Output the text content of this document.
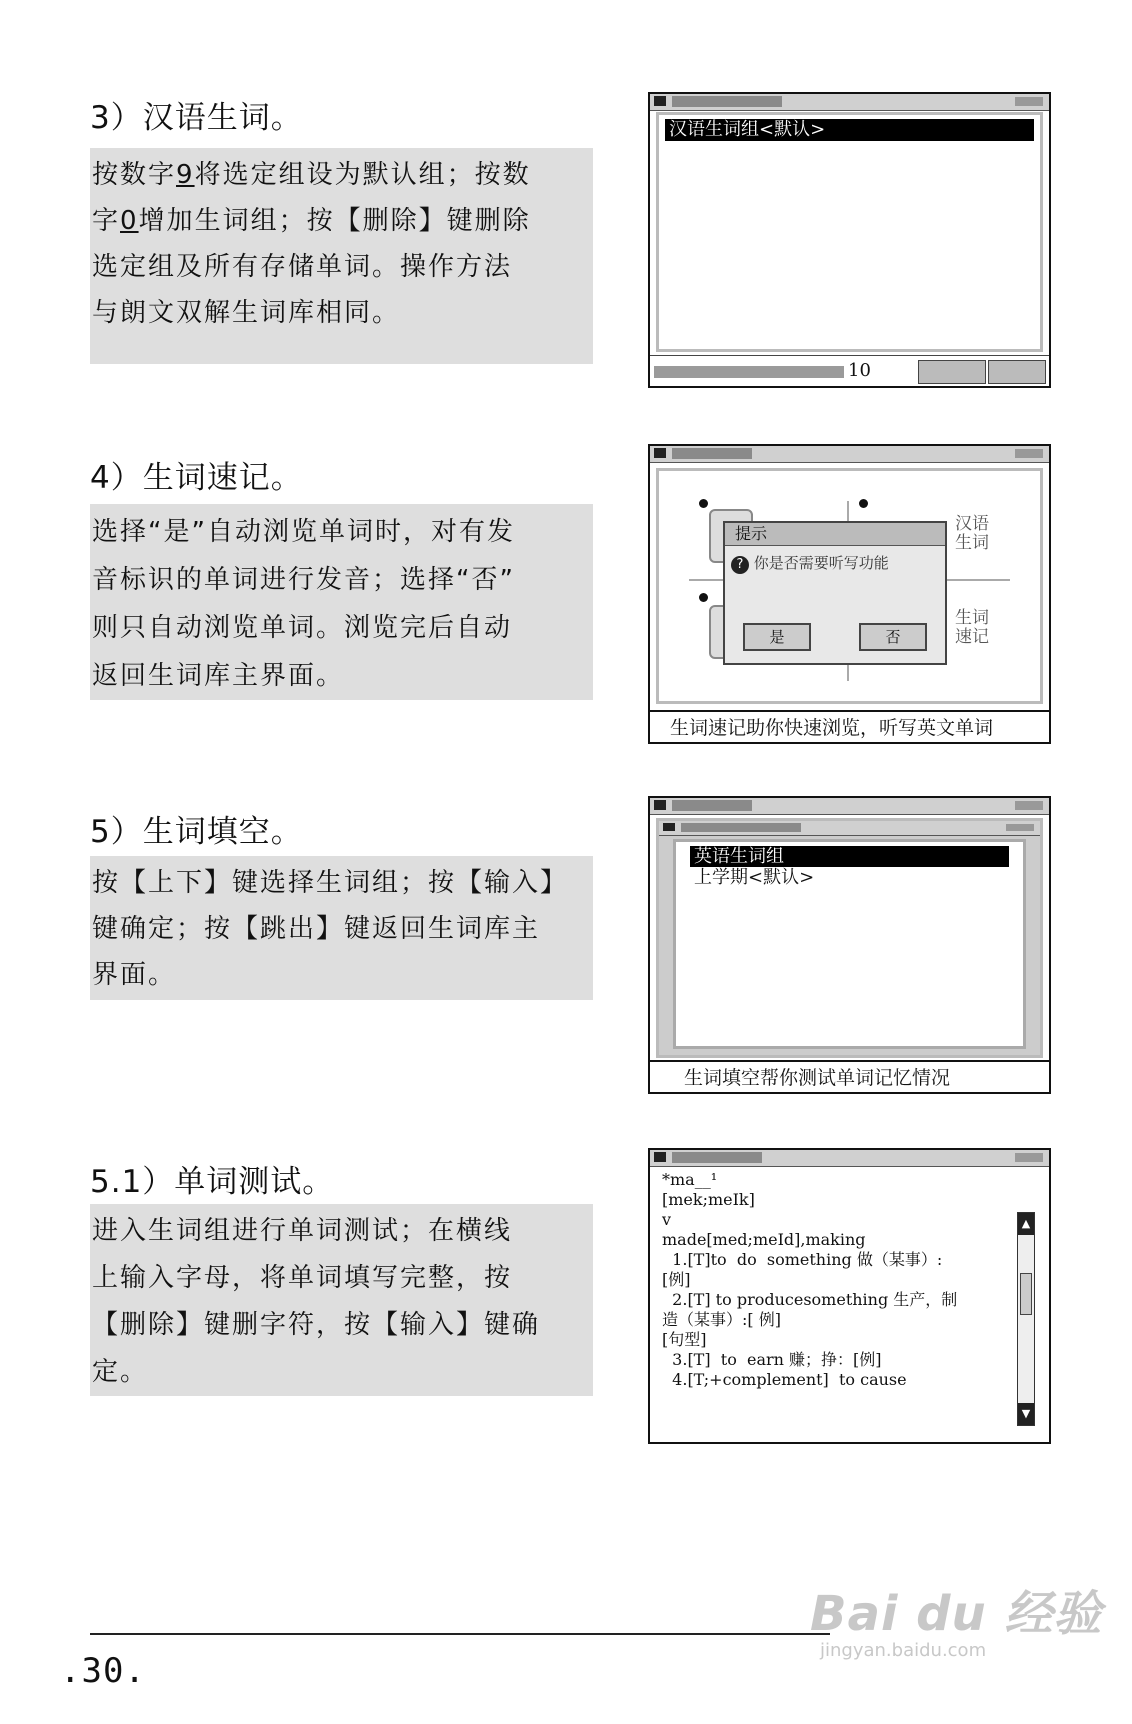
3）汉语生词。
按数字9将选定组设为默认组；按数
字0增加生词组；按【删除】键删除
选定组及所有存储单词。操作方法
与朗文双解生词库相同。
汉语生词组<默认>
10
4）生词速记。
选择“是”自动浏览单词时，对有发
音标识的单词进行发音；选择“否”
则只自动浏览单词。浏览完后自动
返回生词库主界面。
汉语生词
生词速记
提示
? 你是否需要听写功能
是	否
生词速记助你快速浏览，听写英文单词
5）生词填空。
按【上下】键选择生词组；按【输入】
键确定；按【跳出】键返回生词库主
界面。
英语生词组
上学期<默认>
生词填空帮你测试单词记忆情况
5.1）单词测试。
进入生词组进行单词测试；在横线
上输入字母，将单词填写完整，按
【删除】键删字符，按【输入】键确
定。
*ma__¹
[mek;meIk]
v
made[med;meId],making
1.[T]to  do  something 做（某事）:
[例]
2.[T] to producesomething 生产，制
造（某事）:[ 例]
[句型]
3.[T]  to  earn 赚；挣：[例]
4.[T;+complement]  to cause
▲
▼
.30.
Bai du 经验
jingyan.baidu.com
